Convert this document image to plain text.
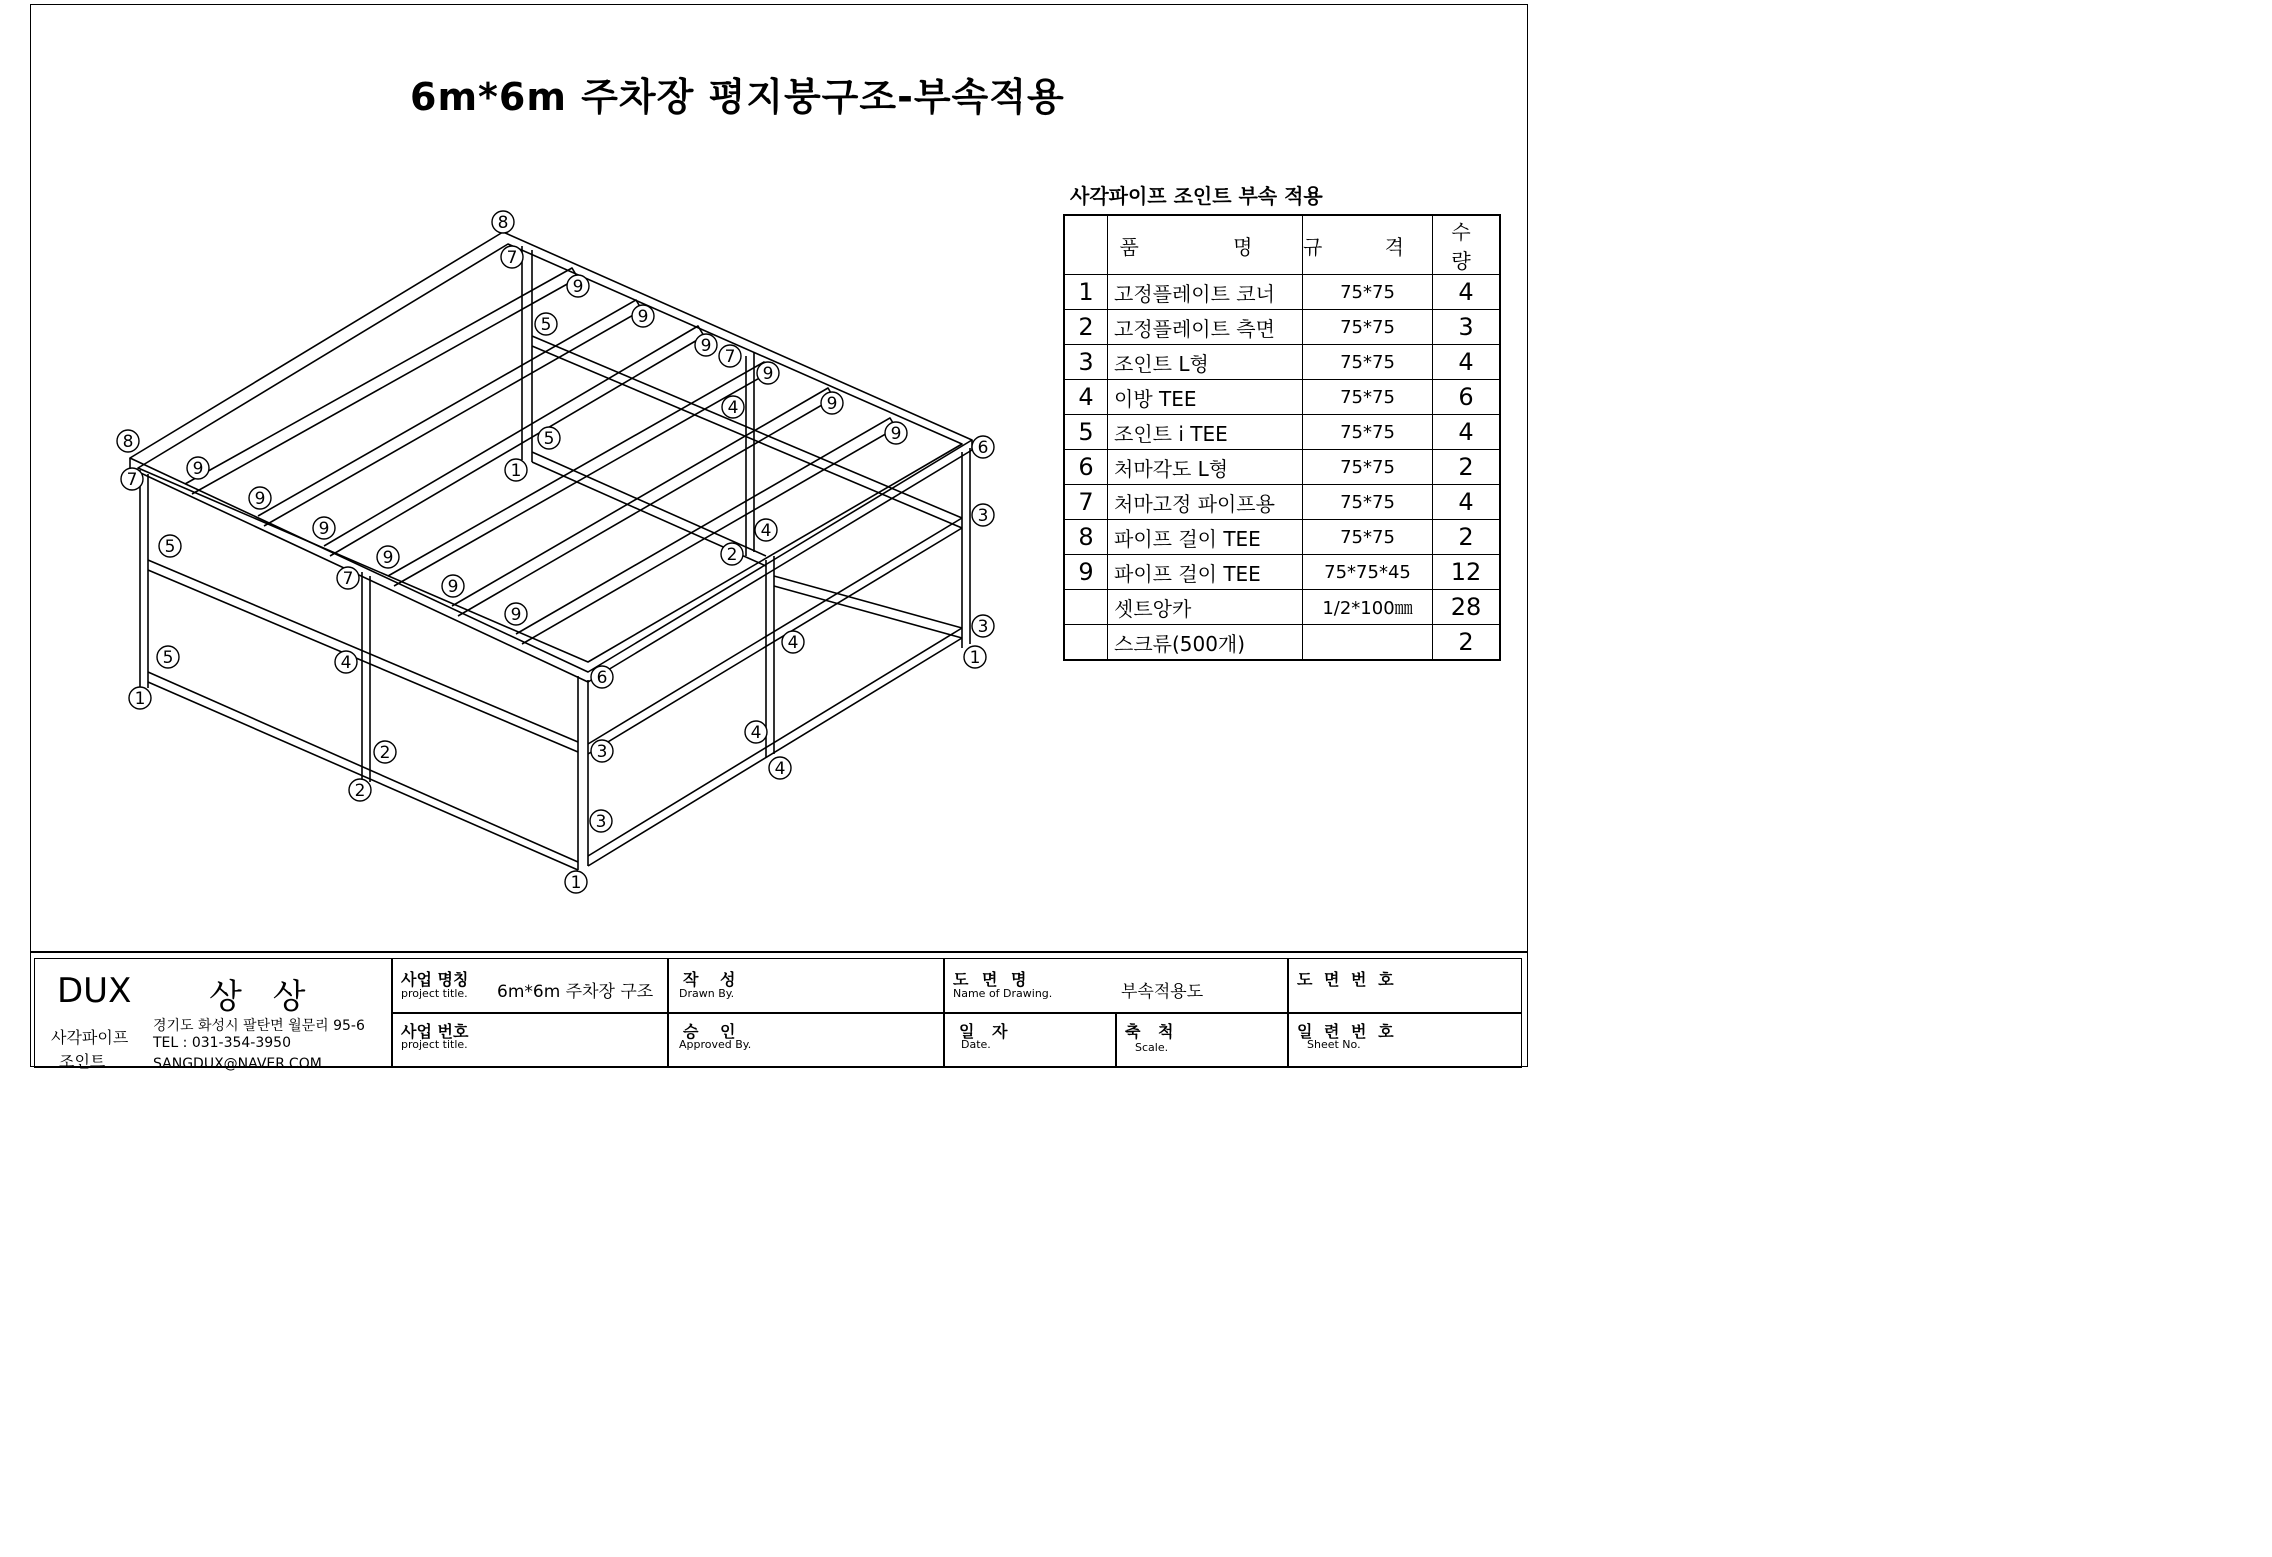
6m*6m 주차장 평지붕구조-부속적용
8
7
9
5	9
9
7
9
4	9
5	9
1
8
7
9
9
9
9
9
9
6
3
5
4
2
3
5
7
4
6
1
1
4
3
4
2
4
3
2
1
사각파이프 조인트 부속 적용
	품 명	규 격	수 량
1	고정플레이트 코너	75*75	4
2	고정플레이트 측면	75*75	3
3	조인트 L형	75*75	4
4	이방 TEE	75*75	6
5	조인트 i TEE	75*75	4
6	처마각도 L형	75*75	2
7	처마고정 파이프용	75*75	4
8	파이프 걸이 TEE	75*75	2
9	파이프 걸이 TEE	75*75*45	12
	셋트앙카	1/2*100㎜	28
	스크류(500개)		2
DUX 상 상
사각파이프
조인트
경기도 화성시 팔탄면 월문리 95-6
TEL : 031-354-3950
SANGDUX@NAVER.COM
사업 명칭
project title. 6m*6m 주차장 구조
사업 번호
project title.
작 성
Drawn By.
승 인
Approved By.
도 면 명
Name of Drawing.	부속적용도
일 자
Date.
축 척
Scale.
도 면 번 호
일 련 번 호
Sheet No.
